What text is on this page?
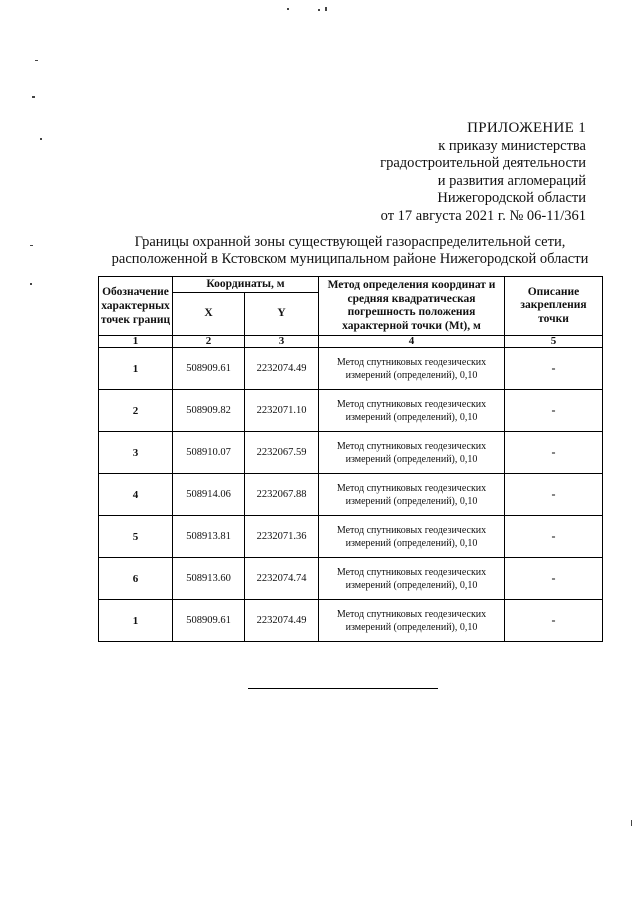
ПРИЛОЖЕНИЕ 1
к приказу министерства
градостроительной деятельности
и развития агломераций
Нижегородской области
от 17 августа 2021 г. № 06-11/361
Границы охранной зоны существующей газораспределительной сети,
расположенной в Кстовском муниципальном районе Нижегородской области
Обозначение характерных точек границ	Координаты, м		Метод определения координат и средняя квадратическая погрешность положения характерной точки (Mt), м	Описание закрепления точки
	X	Y		
1	2	3	4	5
1	508909.61	2232074.49	Метод спутниковых геодезических измерений (определений), 0,10	-
2	508909.82	2232071.10	Метод спутниковых геодезических измерений (определений), 0,10	-
3	508910.07	2232067.59	Метод спутниковых геодезических измерений (определений), 0,10	-
4	508914.06	2232067.88	Метод спутниковых геодезических измерений (определений), 0,10	-
5	508913.81	2232071.36	Метод спутниковых геодезических измерений (определений), 0,10	-
6	508913.60	2232074.74	Метод спутниковых геодезических измерений (определений), 0,10	-
1	508909.61	2232074.49	Метод спутниковых геодезических измерений (определений), 0,10	-
